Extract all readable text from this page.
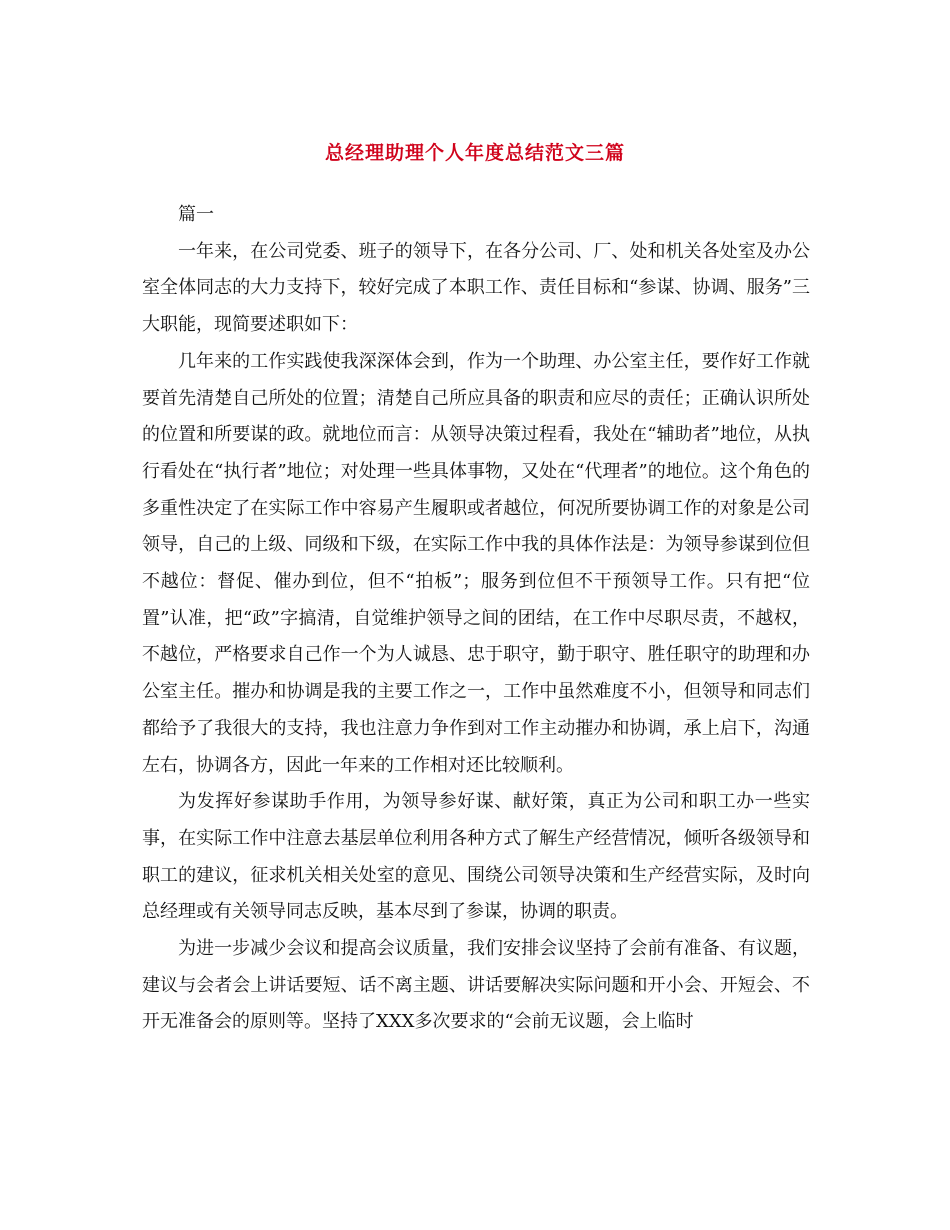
总经理助理个人年度总结范文三篇

篇一

一年来，在公司党委、班子的领导下，在各分公司、厂、处和机关各处室及办公室全体同志的大力支持下，较好完成了本职工作、责任目标和“参谋、协调、服务”三大职能，现简要述职如下：

几年来的工作实践使我深深体会到，作为一个助理、办公室主任，要作好工作就要首先清楚自己所处的位置；清楚自己所应具备的职责和应尽的责任；正确认识所处的位置和所要谋的政。就地位而言：从领导决策过程看，我处在“辅助者”地位，从执行看处在“执行者”地位；对处理一些具体事物，又处在“代理者”的地位。这个角色的多重性决定了在实际工作中容易产生履职或者越位，何况所要协调工作的对象是公司领导，自己的上级、同级和下级，在实际工作中我的具体作法是：为领导参谋到位但不越位：督促、催办到位，但不“拍板”；服务到位但不干预领导工作。只有把“位置”认准，把“政”字搞清，自觉维护领导之间的团结，在工作中尽职尽责，不越权，不越位，严格要求自己作一个为人诚恳、忠于职守，勤于职守、胜任职守的助理和办公室主任。摧办和协调是我的主要工作之一，工作中虽然难度不小，但领导和同志们都给予了我很大的支持，我也注意力争作到对工作主动摧办和协调，承上启下，沟通左右，协调各方，因此一年来的工作相对还比较顺利。

为发挥好参谋助手作用，为领导参好谋、献好策，真正为公司和职工办一些实事，在实际工作中注意去基层单位利用各种方式了解生产经营情况，倾听各级领导和职工的建议，征求机关相关处室的意见、围绕公司领导决策和生产经营实际，及时向总经理或有关领导同志反映，基本尽到了参谋，协调的职责。

为进一步减少会议和提高会议质量，我们安排会议坚持了会前有准备、有议题，建议与会者会上讲话要短、话不离主题、讲话要解决实际问题和开小会、开短会、不开无准备会的原则等。坚持了XXX多次要求的“会前无议题，会上临时
